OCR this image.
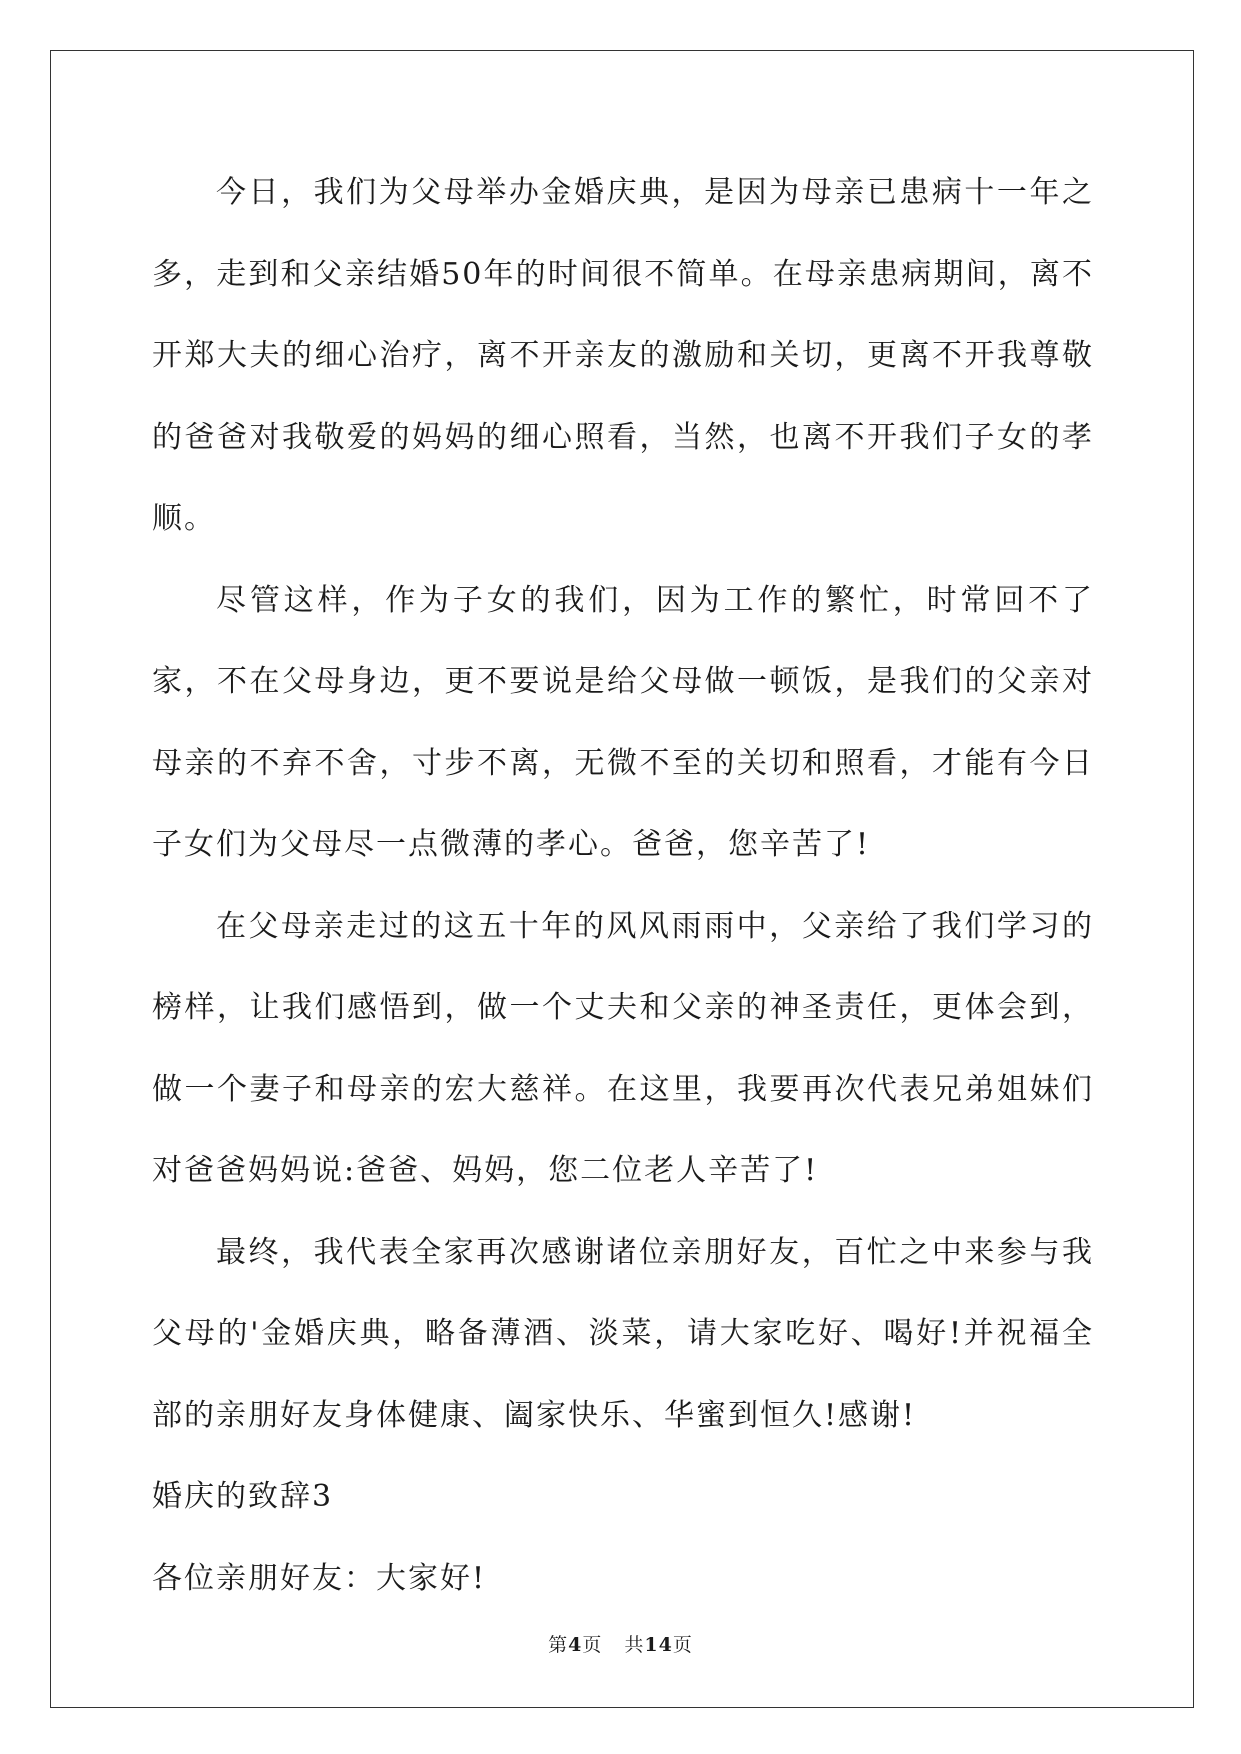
今日，我们为父母举办金婚庆典，是因为母亲已患病十一年之多，走到和父亲结婚50年的时间很不简单。在母亲患病期间，离不开郑大夫的细心治疗，离不开亲友的激励和关切，更离不开我尊敬的爸爸对我敬爱的妈妈的细心照看，当然，也离不开我们子女的孝顺。

尽管这样，作为子女的我们，因为工作的繁忙，时常回不了家，不在父母身边，更不要说是给父母做一顿饭，是我们的父亲对母亲的不弃不舍，寸步不离，无微不至的关切和照看，才能有今日子女们为父母尽一点微薄的孝心。爸爸，您辛苦了!

在父母亲走过的这五十年的风风雨雨中，父亲给了我们学习的榜样，让我们感悟到，做一个丈夫和父亲的神圣责任，更体会到，做一个妻子和母亲的宏大慈祥。在这里，我要再次代表兄弟姐妹们对爸爸妈妈说:爸爸、妈妈，您二位老人辛苦了!

最终，我代表全家再次感谢诸位亲朋好友，百忙之中来参与我父母的'金婚庆典，略备薄酒、淡菜，请大家吃好、喝好!并祝福全部的亲朋好友身体健康、阖家快乐、华蜜到恒久!感谢!

婚庆的致辞3

各位亲朋好友：大家好!

第4页 共14页
